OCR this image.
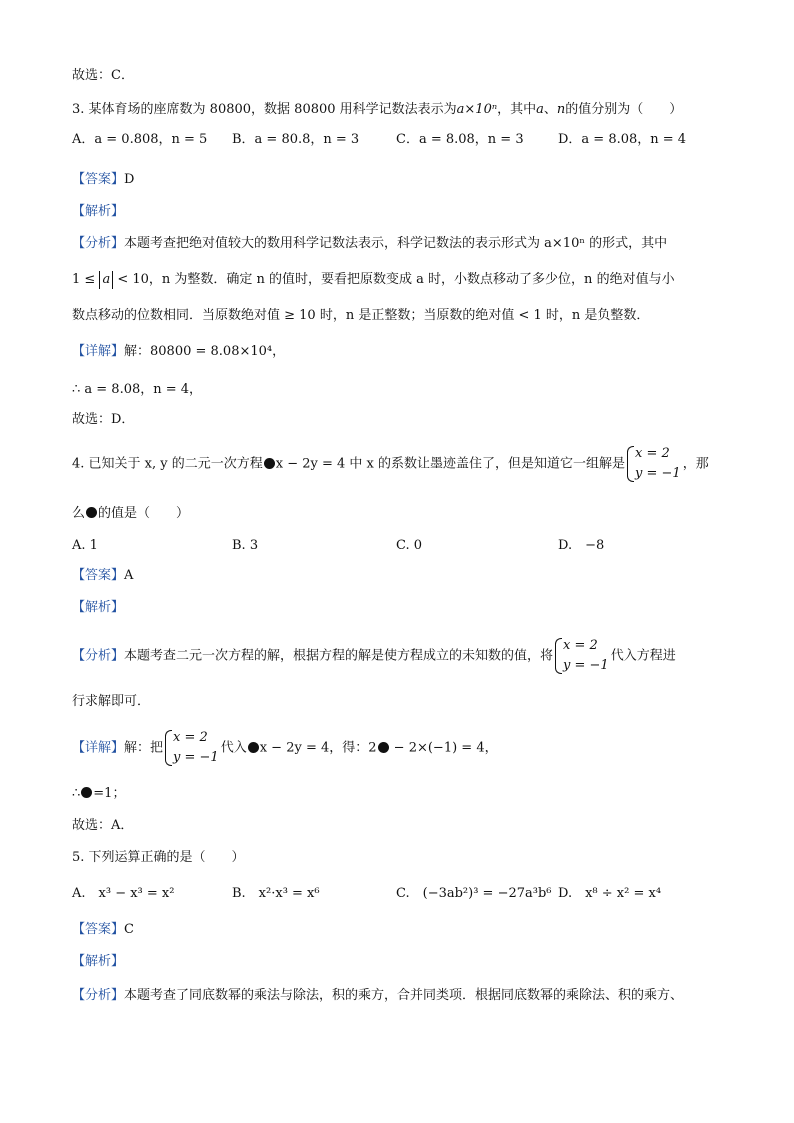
故选：C．
3. 某体育场的座席数为 80800，数据 80800 用科学记数法表示为a×10ⁿ，其中a、n的值分别为（　　）
A．a = 0.808，n = 5 B．a = 80.8，n = 3	C．a = 8.08，n = 3	D．a = 8.08，n = 4
【答案】D
【解析】
【分析】本题考查把绝对值较大的数用科学记数法表示，科学记数法的表示形式为 a×10ⁿ 的形式，其中
1 ≤ a < 10，n 为整数．确定 n 的值时，要看把原数变成 a 时，小数点移动了多少位，n 的绝对值与小
数点移动的位数相同．当原数绝对值 ≥ 10 时，n 是正整数；当原数的绝对值 < 1 时，n 是负整数．
【详解】解：80800 = 8.08×10⁴，
∴ a = 8.08，n = 4，
故选：D．
4. 已知关于 x, y 的二元一次方程 x − 2y = 4 中 x 的系数让墨迹盖住了，但是知道它一组解是
x = 2
y = −1
，那
么 的值是（　　）
A. 1	B. 3	C. 0	D.　−8
【答案】A
【解析】
【分析】本题考查二元一次方程的解，根据方程的解是使方程成立的未知数的值，将
x = 2
y = −1
代入方程进
行求解即可．
【详解】解：把
x = 2
y = −1
代入 x − 2y = 4，得：2 − 2×(−1) = 4，
∴ =1；
故选：A．
5. 下列运算正确的是（　　）
A.　x³ − x³ = x²	B.　x²·x³ = x⁶	C.　(−3ab²)³ = −27a³b⁶ D.　x⁸ ÷ x² = x⁴
【答案】C
【解析】
【分析】本题考查了同底数幂的乘法与除法，积的乘方，合并同类项．根据同底数幂的乘除法、积的乘方、
